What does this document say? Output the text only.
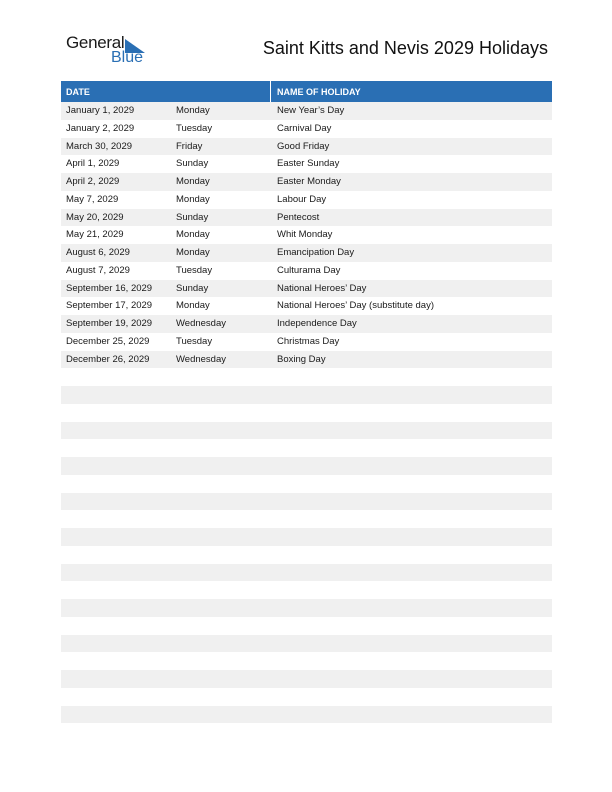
General
Blue	Saint Kitts and Nevis 2029 Holidays
DATE	NAME OF HOLIDAY
January 1, 2029	Monday	New Year’s Day
January 2, 2029	Tuesday	Carnival Day
March 30, 2029	Friday	Good Friday
April 1, 2029	Sunday	Easter Sunday
April 2, 2029	Monday	Easter Monday
May 7, 2029	Monday	Labour Day
May 20, 2029	Sunday	Pentecost
May 21, 2029	Monday	Whit Monday
August 6, 2029	Monday	Emancipation Day
August 7, 2029	Tuesday	Culturama Day
September 16, 2029	Sunday	National Heroes’ Day
September 17, 2029	Monday	National Heroes’ Day (substitute day)
September 19, 2029	Wednesday	Independence Day
December 25, 2029	Tuesday	Christmas Day
December 26, 2029	Wednesday	Boxing Day
